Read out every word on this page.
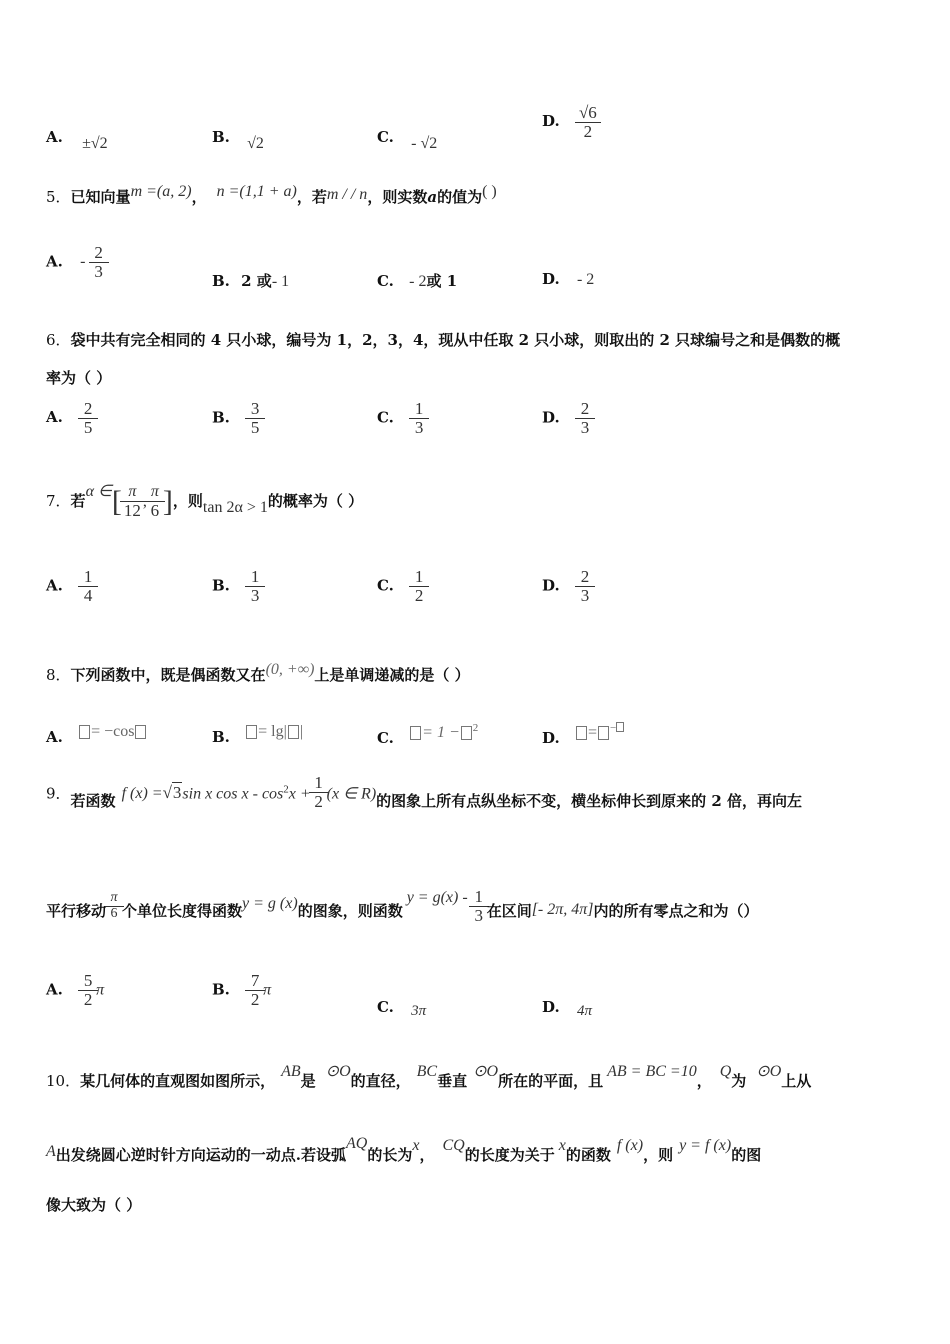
A. ±√2	B. √2	C. - √2
D. $\frac{√6}{2}$
5．已知向量m =(a, 2)， n =(1,1 + a)，若m / / n，则实数a的值为( )
A. - $\frac{2}{3}$
B. 2 或- 1	C. - 2或 1	D. - 2
6．袋中共有完全相同的 4 只小球，编号为 1，2，3，4，现从中任取 2 只小球，则取出的 2 只球编号之和是偶数的概
率为（ ）
A. $\frac{2}{5}$	B. $\frac{3}{5}$	C. $\frac{1}{3}$	D. $\frac{2}{3}$
7．若α ∈[ $\frac{\pi}{12}$ , $\frac{\pi}{6}$ ]，则tan 2α > 1的概率为（ ）
A. $\frac{1}{4}$	B. $\frac{1}{3}$	C. $\frac{1}{2}$	D. $\frac{2}{3}$
8．下列函数中，既是偶函数又在(0, +∞)上是单调递减的是（ ）
A. = −cos	B. = lg| |	C. = 1 − $^2$
D. = −
9．若函数 f (x) =√3sin x $\cos x - \cos^2x + \frac{1}{2} (x$ ∈ R)的图象上所有点纵坐标不变，横坐标伸长到原来的 2 倍，再向左
平行移动 $\frac{\pi}{6}$ 个单位长度得函数y = g (x)的图象，则函数$y = g(x) - \frac{1}{3}$ 在区间[- 2π, 4π]内的所有零点之和为（）
A. $\frac{5}{2}$ π	B. $\frac{7}{2}$ π
C. 3π	D. 4π
10．某几何体的直观图如图所示，AB是⊙O的直径，BC垂直⊙O所在的平面，且AB = BC =10，Q为⊙O上从
A出发绕圆心逆时针方向运动的一动点.若设弧AQ的长为x，CQ的长度为关于x的函数f (x)，则y = f (x)的图
像大致为（ ）
